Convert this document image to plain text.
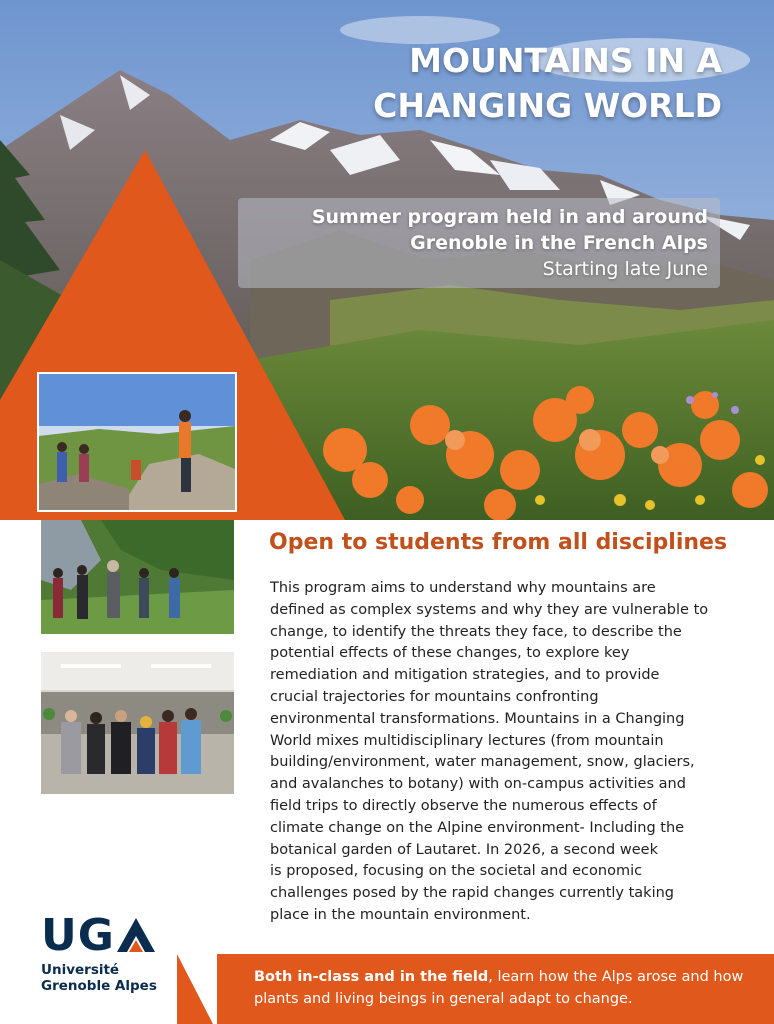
MOUNTAINS IN A
CHANGING WORLD
Summer program held in and around
Grenoble in the French Alps
Starting late June
Open to students from all disciplines

This program aims to understand why mountains are
defined as complex systems and why they are vulnerable to
change, to identify the threats they face, to describe the
potential effects of these changes, to explore key
remediation and mitigation strategies, and to provide
crucial trajectories for mountains confronting
environmental transformations. Mountains in a Changing
World mixes multidisciplinary lectures (from mountain
building/environment, water management, snow, glaciers,
and avalanches to botany) with on-campus activities and
field trips to directly observe the numerous effects of
climate change on the Alpine environment- Including the
botanical garden of Lautaret. In 2026, a second week
is proposed, focusing on the societal and economic
challenges posed by the rapid changes currently taking
place in the mountain environment.

UG
Université
Grenoble Alpes
Both in-class and in the field, learn how the Alps arose and how plants and living beings in general adapt to change.
